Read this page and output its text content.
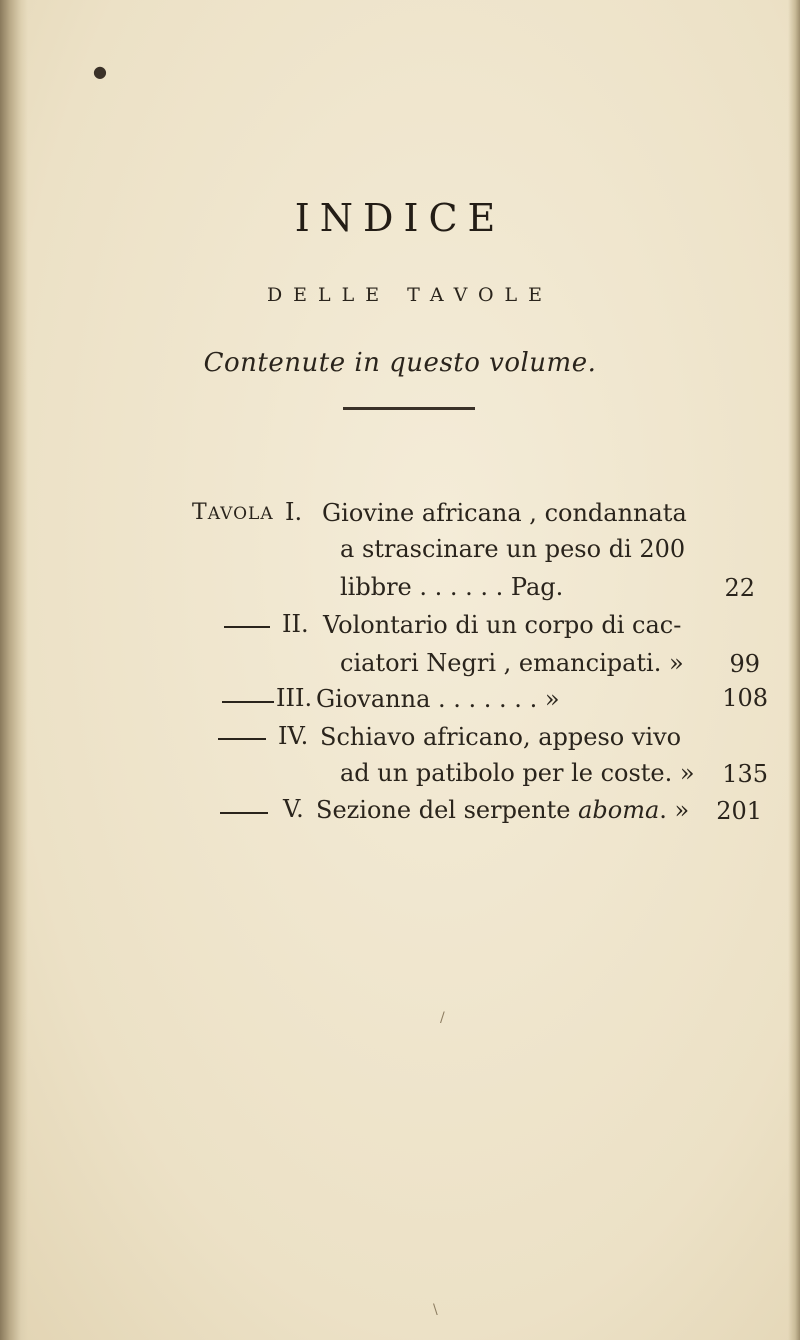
INDICE
DELLE TAVOLE
Contenute in questo volume.
TAVOLA I. Giovine africana , condannata
a strascinare un peso di 200
libbre . . . . . . Pag.	22
II. Volontario di un corpo di cac-
ciatori Negri , emancipati. »	99
III. Giovanna . . . . . . . »	108
IV. Schiavo africano, appeso vivo
ad un patibolo per le coste. »	135
V. Sezione del serpente aboma. »	201
●
\
/
